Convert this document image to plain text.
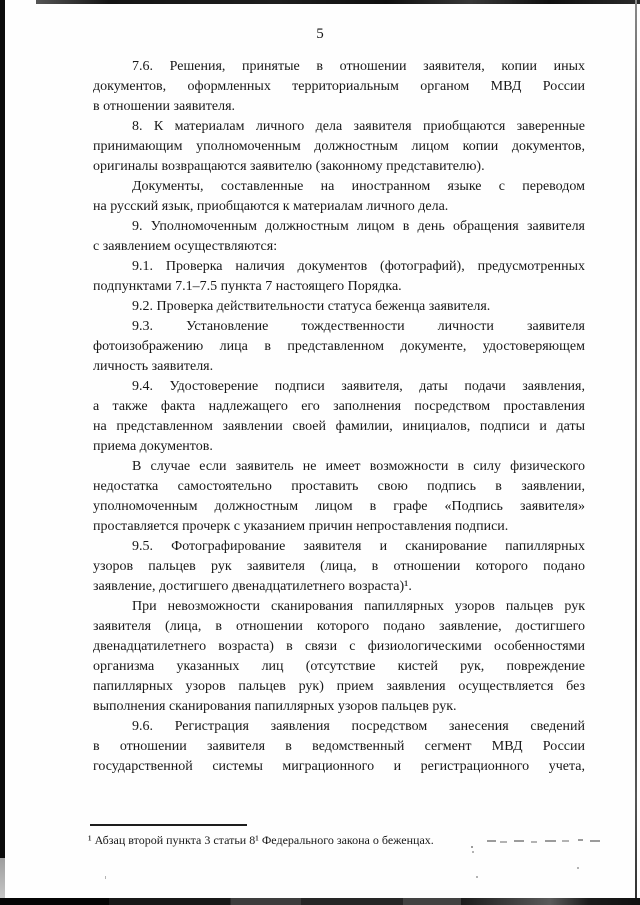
5
7.6. Решения, принятые в отношении заявителя, копии иных
документов, оформленных территориальным органом МВД России
в отношении заявителя.
8. К материалам личного дела заявителя приобщаются заверенные
принимающим уполномоченным должностным лицом копии документов,
оригиналы возвращаются заявителю (законному представителю).
Документы, составленные на иностранном языке с переводом
на русский язык, приобщаются к материалам личного дела.
9. Уполномоченным должностным лицом в день обращения заявителя
с заявлением осуществляются:
9.1. Проверка наличия документов (фотографий), предусмотренных
подпунктами 7.1–7.5 пункта 7 настоящего Порядка.
9.2. Проверка действительности статуса беженца заявителя.
9.3. Установление тождественности личности заявителя
фотоизображению лица в представленном документе, удостоверяющем
личность заявителя.
9.4. Удостоверение подписи заявителя, даты подачи заявления,
а также факта надлежащего его заполнения посредством проставления
на представленном заявлении своей фамилии, инициалов, подписи и даты
приема документов.
В случае если заявитель не имеет возможности в силу физического
недостатка самостоятельно проставить свою подпись в заявлении,
уполномоченным должностным лицом в графе «Подпись заявителя»
проставляется прочерк с указанием причин непроставления подписи.
9.5. Фотографирование заявителя и сканирование папиллярных
узоров пальцев рук заявителя (лица, в отношении которого подано
заявление, достигшего двенадцатилетнего возраста)¹.
При невозможности сканирования папиллярных узоров пальцев рук
заявителя (лица, в отношении которого подано заявление, достигшего
двенадцатилетнего возраста) в связи с физиологическими особенностями
организма указанных лиц (отсутствие кистей рук, повреждение
папиллярных узоров пальцев рук) прием заявления осуществляется без
выполнения сканирования папиллярных узоров пальцев рук.
9.6. Регистрация заявления посредством занесения сведений
в отношении заявителя в ведомственный сегмент МВД России
государственной системы миграционного и регистрационного учета,
¹ Абзац второй пункта 3 статьи 8¹ Федерального закона о беженцах.
